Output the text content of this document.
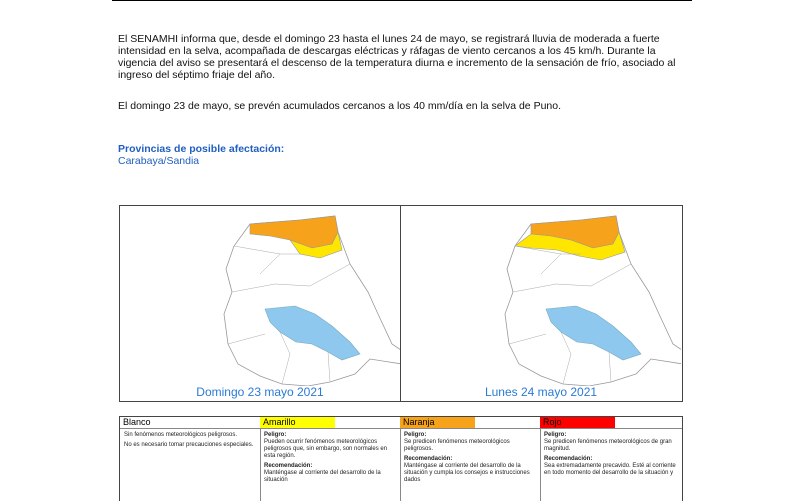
El SENAMHI informa que, desde el domingo 23 hasta el lunes 24 de mayo, se registrará lluvia de moderada a fuerte intensidad en la selva, acompañada de descargas eléctricas y ráfagas de viento cercanos a los 45 km/h. Durante la vigencia del aviso se presentará el descenso de la temperatura diurna e incremento de la sensación de frío, asociado al ingreso del séptimo friaje del año.

El domingo 23 de mayo, se prevén acumulados cercanos a los 40 mm/día en la selva de Puno.

Provincias de posible afectación:
Carabaya/Sandia
Domingo 23 mayo 2021	Lunes 24 mayo 2021
Blanco

Sin fenómenos meteorológicos peligrosos.

No es necesario tomar precauciones especiales.

Amarillo
Peligro:

Pueden ocurrir fenómenos meteorológicos peligrosos que, sin embargo, son normales en esta región.

Recomendación:

Manténgase al corriente del desarrollo de la situación

Naranja
Peligro:

Se predicen fenómenos meteorológicos peligrosos.

Recomendación:

Manténgase al corriente del desarrollo de la situación y cumpla los consejos e instrucciones dados

Rojo
Peligro:

Se predicen fenómenos meteorológicos de gran magnitud.

Recomendación:

Sea extremadamente precavido. Esté al corriente en todo momento del desarrollo de la situación y
